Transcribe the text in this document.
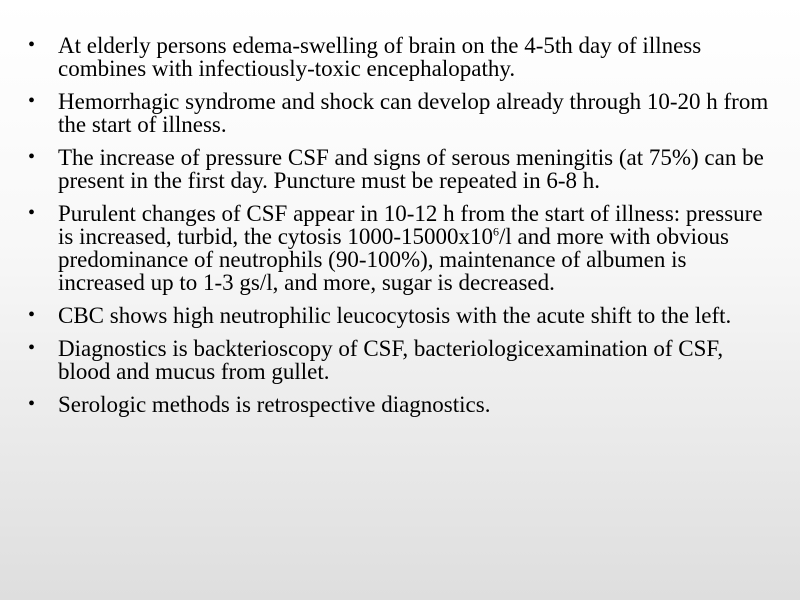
• At elderly persons edema-swelling of brain on the 4-5th day of illness combines with infectiously-toxic encephalopathy.
• Hemorrhagic syndrome and shock can develop already through 10-20 h from the start of illness.
• The increase of pressure CSF and signs of serous meningitis (at 75%) can be present in the first day. Puncture must be repeated in 6-8 h.
• Purulent changes of CSF appear in 10-12 h from the start of illness: pressure is increased, turbid, the cytosis $1000-15000x10^6/l$ and more with obvious predominance of neutrophils (90-100%), maintenance of albumen is increased up to 1-3 gs/l, and more, sugar is decreased.
• CBC shows high neutrophilic leucocytosis with the acute shift to the left.
• Diagnostics is backterioscopy of CSF, bacteriologicexamination of CSF, blood and mucus from gullet.
• Serologic methods is retrospective diagnostics.
